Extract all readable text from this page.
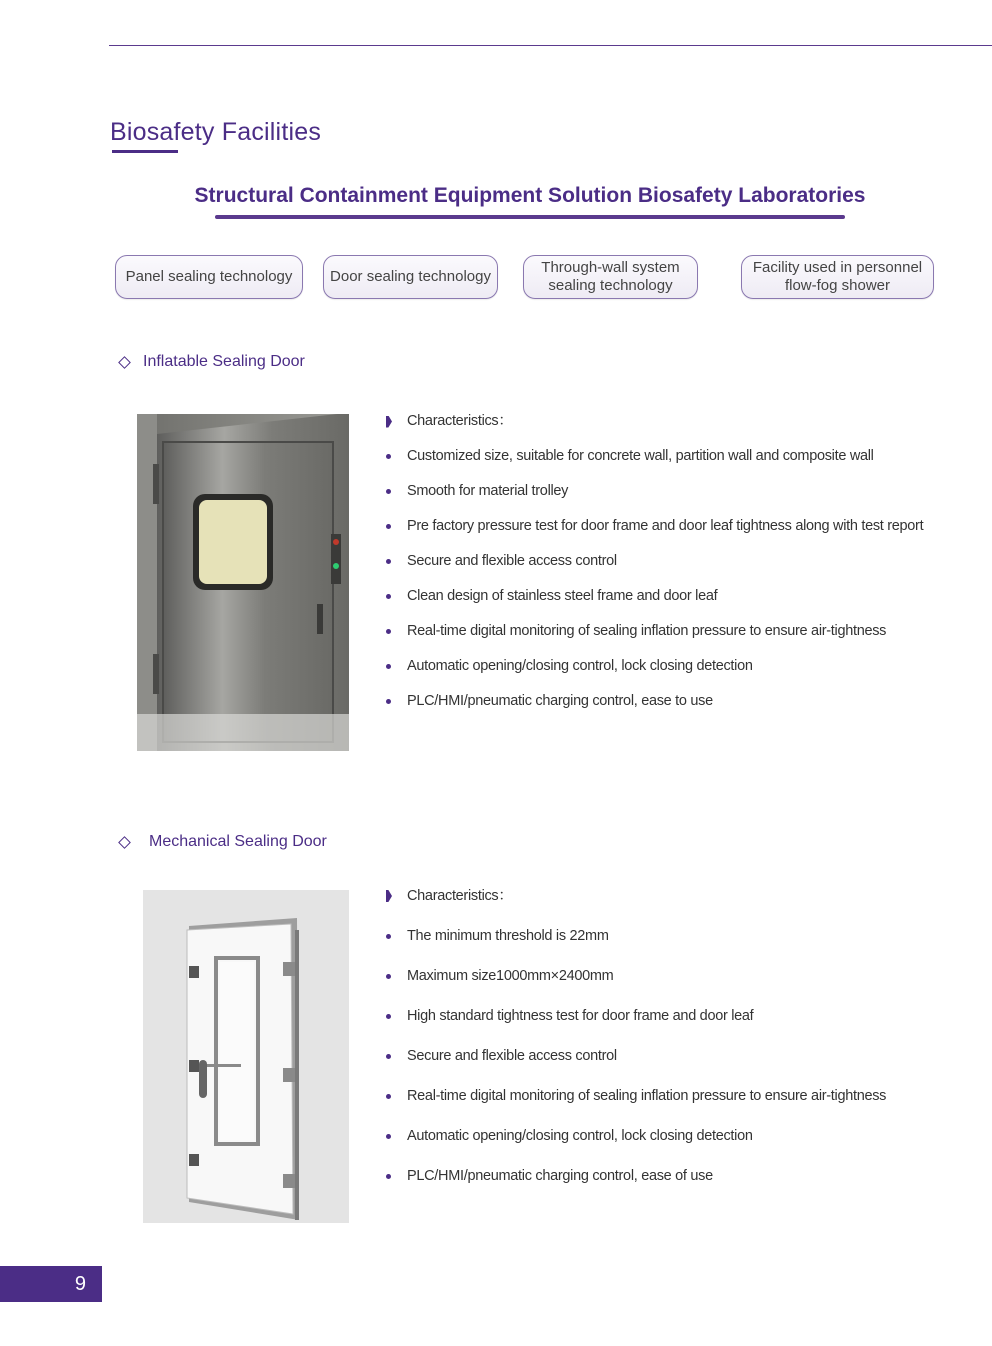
Biosafety Facilities
Structural Containment Equipment Solution Biosafety Laboratories
Panel sealing technology	Door sealing technology
Through-wall system
sealing technology
Facility used in personnel
flow-fog shower
Inflatable Sealing Door
Characteristics：
Customized size, suitable for concrete wall, partition wall and composite wall
Smooth for material trolley
Pre factory pressure test for door frame and door leaf tightness along with test report
Secure and flexible access control
Clean design of stainless steel frame and door leaf
Real-time digital monitoring of sealing inflation pressure to ensure air-tightness
Automatic opening/closing control, lock closing detection
PLC/HMI/pneumatic charging control, ease to use
Mechanical Sealing Door
Characteristics：
The minimum threshold is 22mm
Maximum size1000mm×2400mm
High standard tightness test for door frame and door leaf
Secure and flexible access control
Real-time digital monitoring of sealing inflation pressure to ensure air-tightness
Automatic opening/closing control, lock closing detection
PLC/HMI/pneumatic charging control, ease of use
9
